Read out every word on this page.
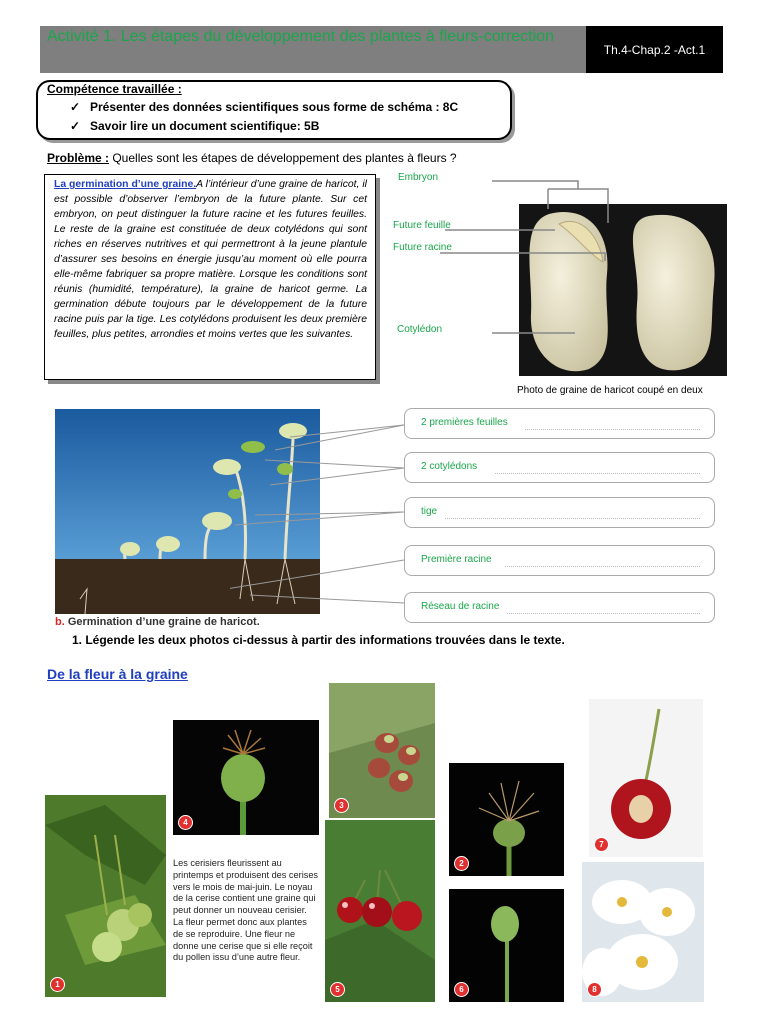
Activité 1. Les étapes du développement des plantes à fleurs-correction
Th.4-Chap.2 -Act.1
Compétence travaillée :
✓ Présenter des données scientifiques sous forme de schéma : 8C
✓ Savoir lire un document scientifique: 5B
Problème : Quelles sont les étapes de développement des plantes à fleurs ?
La germination d’une graine.A l’intérieur d’une graine de haricot, il est possible d’observer l’embryon de la future plante. Sur cet embryon, on peut distinguer la future racine et les futures feuilles. Le reste de la graine est constituée de deux cotylédons qui sont riches en réserves nutritives et qui permettront à la jeune plantule d’assurer ses besoins en énergie jusqu’au moment où elle pourra elle-même fabriquer sa propre matière. Lorsque les conditions sont réunis (humidité, température), la graine de haricot germe. La germination débute toujours par le développement de la future racine puis par la tige. Les cotylédons produisent les deux première feuilles, plus petites, arrondies et moins vertes que les suivantes.
Embryon
Future feuille
Future racine
Cotylédon
Photo de graine de haricot coupé en deux
b. Germination d’une graine de haricot.
2 premières feuilles
2 cotylédons
tige
Première racine
Réseau de racine
1. Légende les deux photos ci-dessus à partir des informations trouvées dans le texte.
De la fleur à la graine
1
4
3
5
2
6
7
8
Les cerisiers fleurissent au printemps et produisent des cerises vers le mois de mai-juin. Le noyau de la cerise contient une graine qui peut donner un nouveau cerisier. La fleur permet donc aux plantes de se reproduire. Une fleur ne donne une cerise que si elle reçoit du pollen issu d’une autre fleur.
